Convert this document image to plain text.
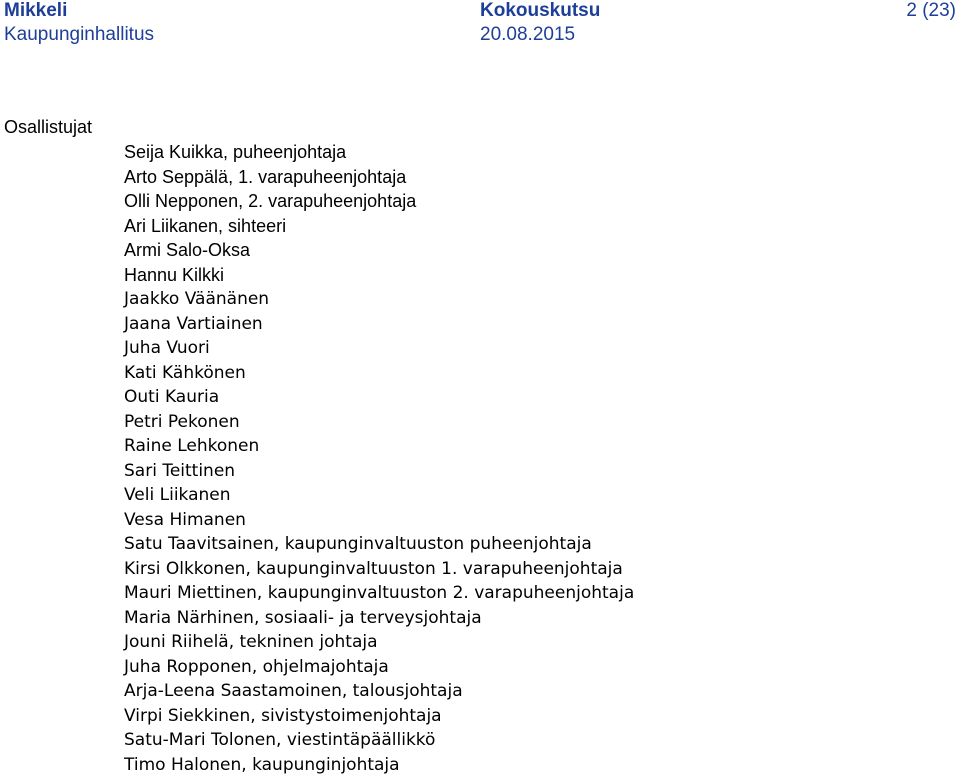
Mikkeli	Kokouskutsu	2 (23)
Kaupunginhallitus	20.08.2015
Osallistujat
Seija Kuikka, puheenjohtaja
Arto Seppälä, 1. varapuheenjohtaja
Olli Nepponen, 2. varapuheenjohtaja
Ari Liikanen, sihteeri
Armi Salo-Oksa
Hannu Kilkki
Jaakko Väänänen
Jaana Vartiainen
Juha Vuori
Kati Kähkönen
Outi Kauria
Petri Pekonen
Raine Lehkonen
Sari Teittinen
Veli Liikanen
Vesa Himanen
Satu Taavitsainen, kaupunginvaltuuston puheenjohtaja
Kirsi Olkkonen, kaupunginvaltuuston 1. varapuheenjohtaja
Mauri Miettinen, kaupunginvaltuuston 2. varapuheenjohtaja
Maria Närhinen, sosiaali- ja terveysjohtaja
Jouni Riihelä, tekninen johtaja
Juha Ropponen, ohjelmajohtaja
Arja-Leena Saastamoinen, talousjohtaja
Virpi Siekkinen, sivistystoimenjohtaja
Satu-Mari Tolonen, viestintäpäällikkö
Timo Halonen, kaupunginjohtaja
